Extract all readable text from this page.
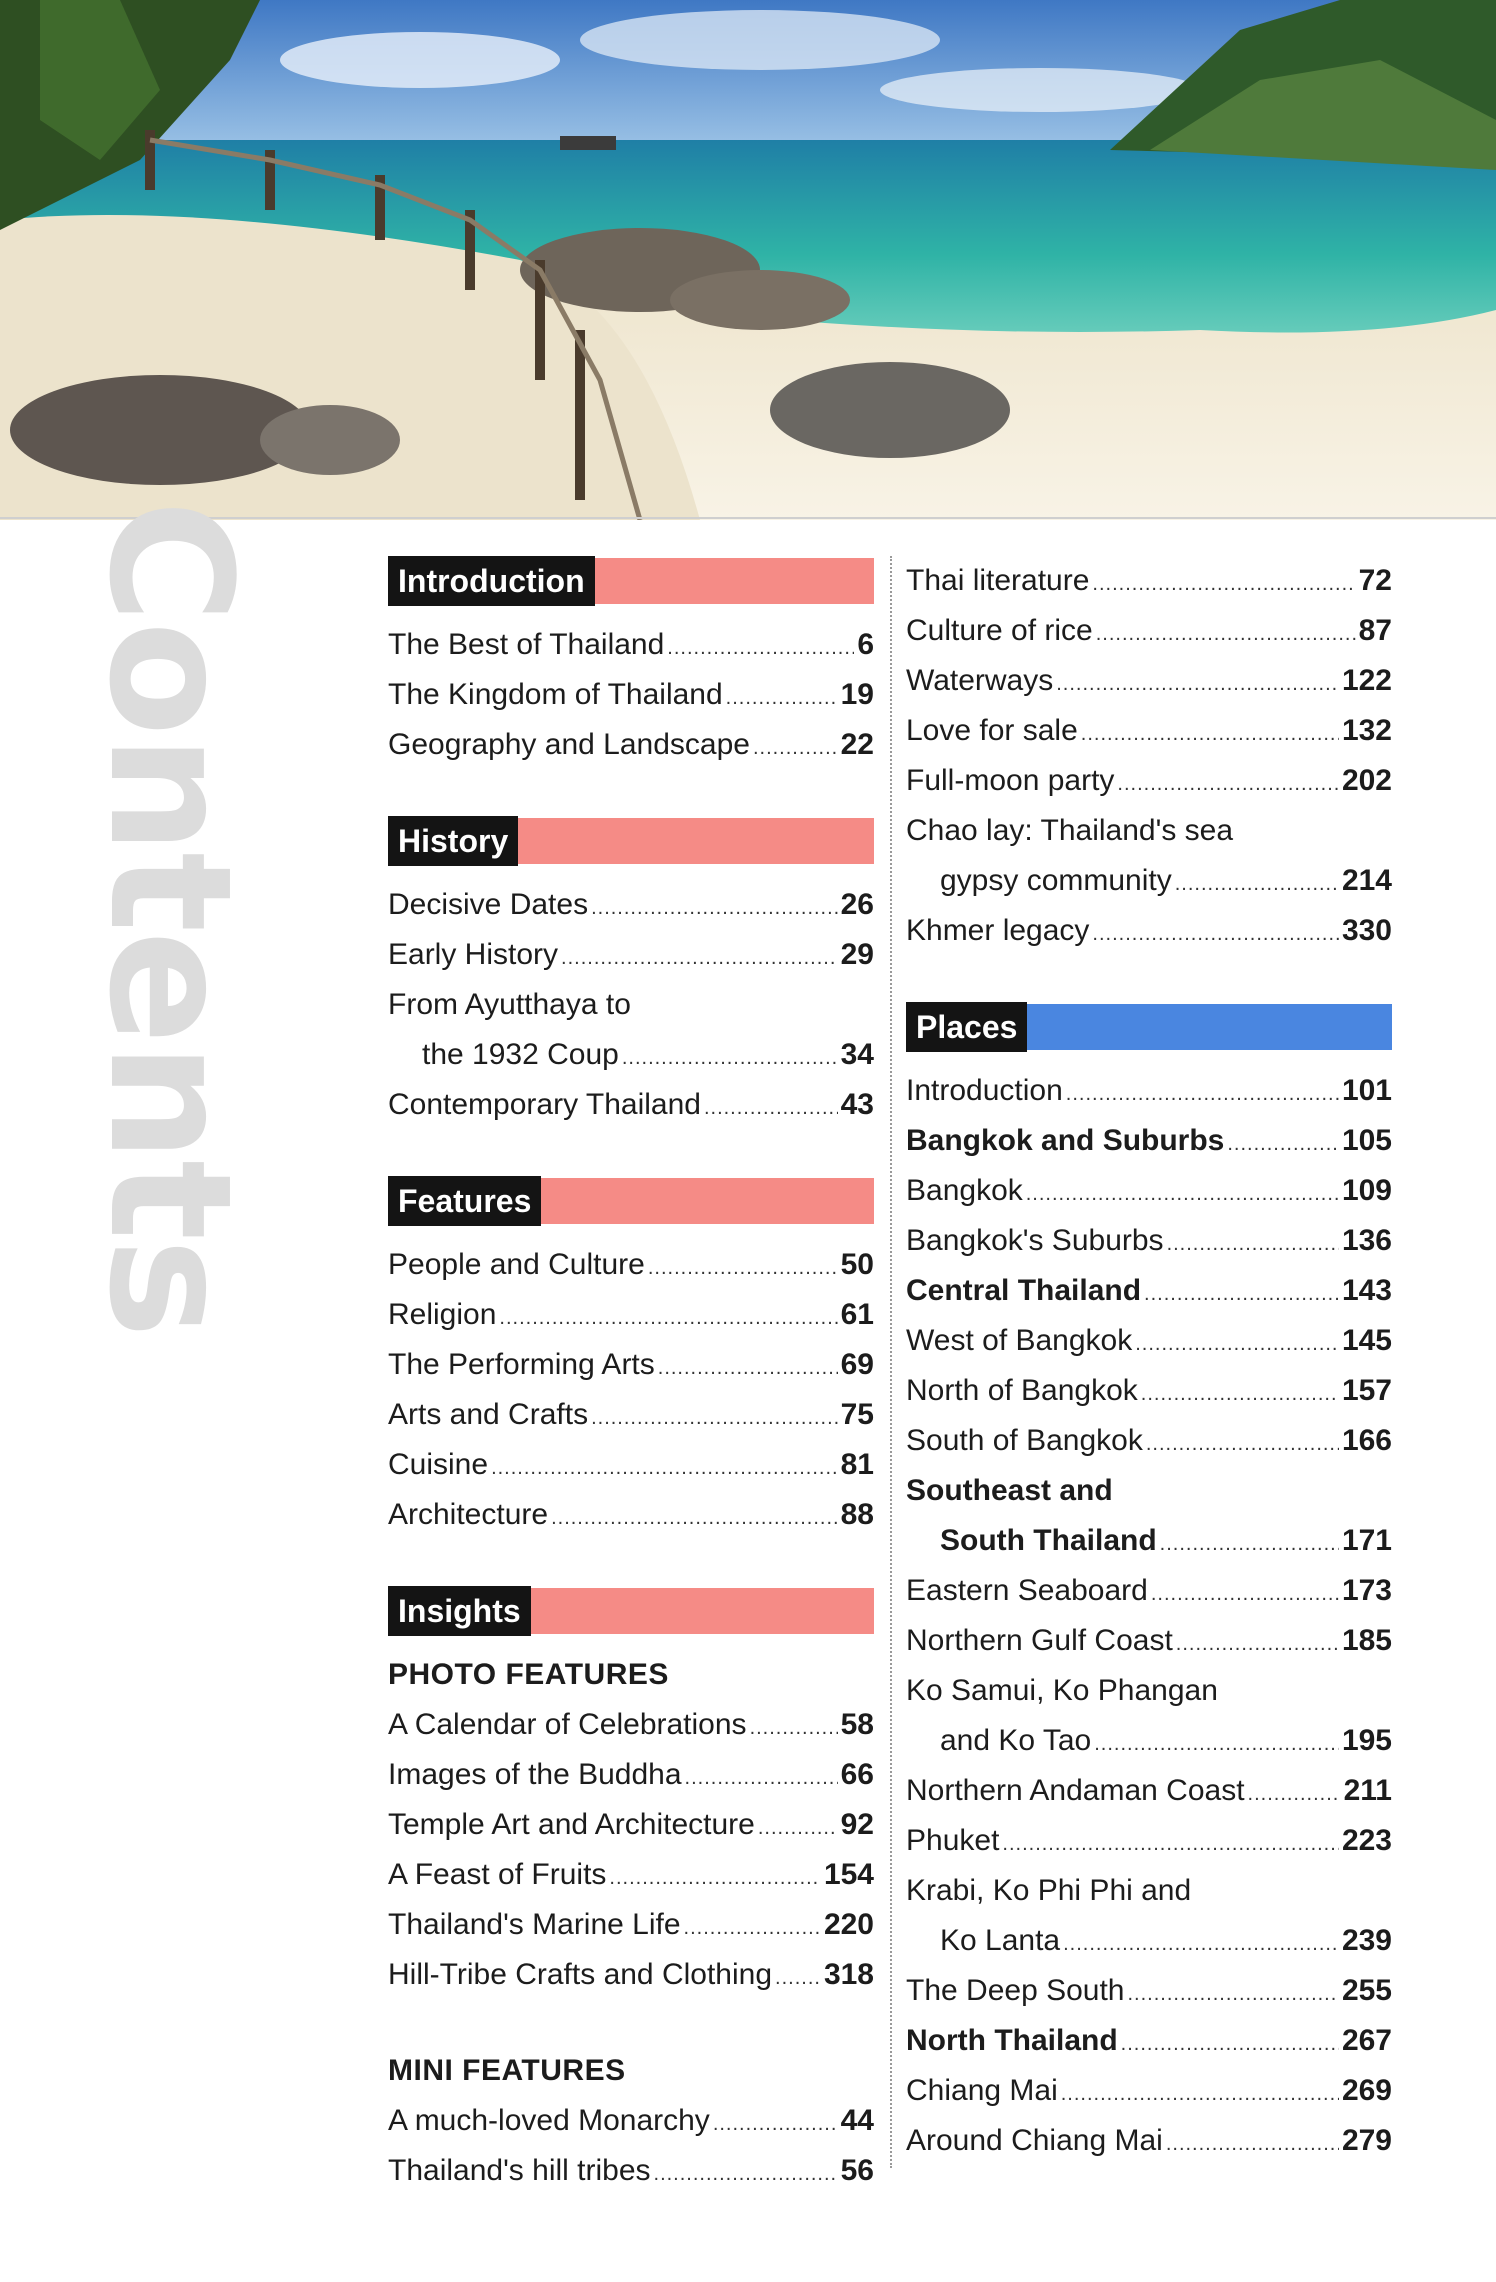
Contents	Introduction
The Best of Thailand .....	6
The Kingdom of Thailand .....	19
Geography and Landscape .....	22
History
Decisive Dates .....	26
Early History .....	29
From Ayutthaya to
the 1932 Coup .....	34
Contemporary Thailand .....	43
Features
People and Culture .....	50
Religion .....	61
The Performing Arts .....	69
Arts and Crafts .....	75
Cuisine .....	81
Architecture .....	88
Insights
PHOTO FEATURES
A Calendar of Celebrations .....	58
Images of the Buddha .....	66
Temple Art and Architecture .....	92
A Feast of Fruits .....	154
Thailand's Marine Life .....	220
Hill-Tribe Crafts and Clothing ..... 318
MINI FEATURES
A much-loved Monarchy .....	44
Thailand's hill tribes .....	56
Thai literature .....	72
Culture of rice .....	87
Waterways .....	122
Love for sale .....	132
Full-moon party .....	202
Chao lay: Thailand's sea
gypsy community .....	214
Khmer legacy .....	330
Places
Introduction .....	101
Bangkok and Suburbs .....	105
Bangkok .....	109
Bangkok's Suburbs .....	136
Central Thailand .....	143
West of Bangkok .....	145
North of Bangkok .....	157
South of Bangkok .....	166
Southeast and
South Thailand .....	171
Eastern Seaboard .....	173
Northern Gulf Coast .....	185
Ko Samui, Ko Phangan
and Ko Tao .....	195
Northern Andaman Coast .....	211
Phuket .....	223
Krabi, Ko Phi Phi and
Ko Lanta .....	239
The Deep South .....	255
North Thailand .....	267
Chiang Mai .....	269
Around Chiang Mai .....	279
